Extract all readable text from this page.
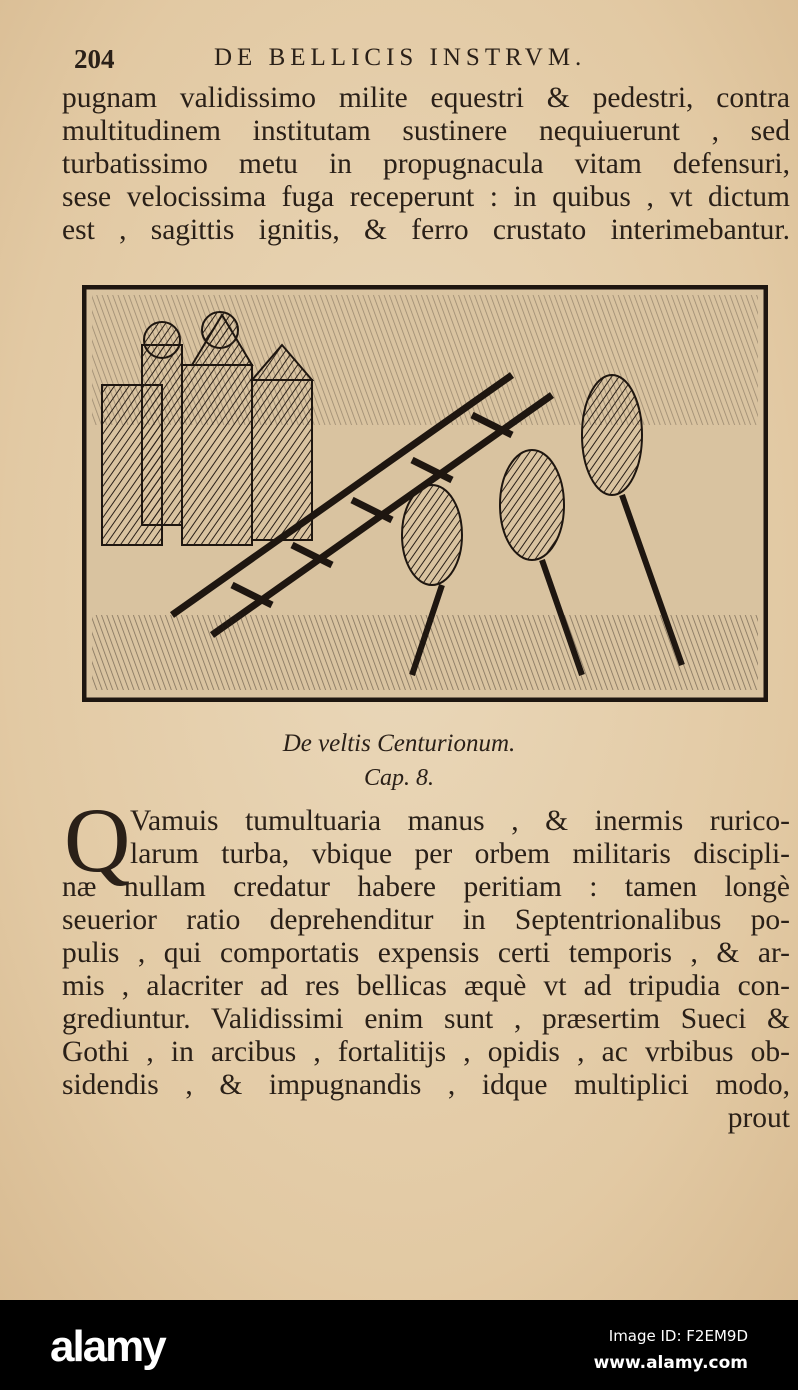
204	DE BELLICIS INSTRVM.
pugnam validissimo milite equestri & pedestri, contra
multitudinem institutam sustinere nequiuerunt , sed
turbatissimo metu in propugnacula vitam defensuri,
sese velocissima fuga receperunt : in quibus , vt dictum
est , sagittis ignitis, & ferro crustato interimebantur.
De veltis Centurionum.
Cap. 8.
Q Vamuis tumultuaria manus , & inermis rurico-
larum turba, vbique per orbem militaris discipli-
næ nullam credatur habere peritiam : tamen longè
seuerior ratio deprehenditur in Septentrionalibus po-
pulis , qui comportatis expensis certi temporis , & ar-
mis , alacriter ad res bellicas æquè vt ad tripudia con-
grediuntur. Validissimi enim sunt , præsertim Sueci &
Gothi , in arcibus , fortalitijs , opidis , ac vrbibus ob-
sidendis , & impugnandis , idque multiplici modo,
prout
alamy	Image ID: F2EM9D
www.alamy.com
